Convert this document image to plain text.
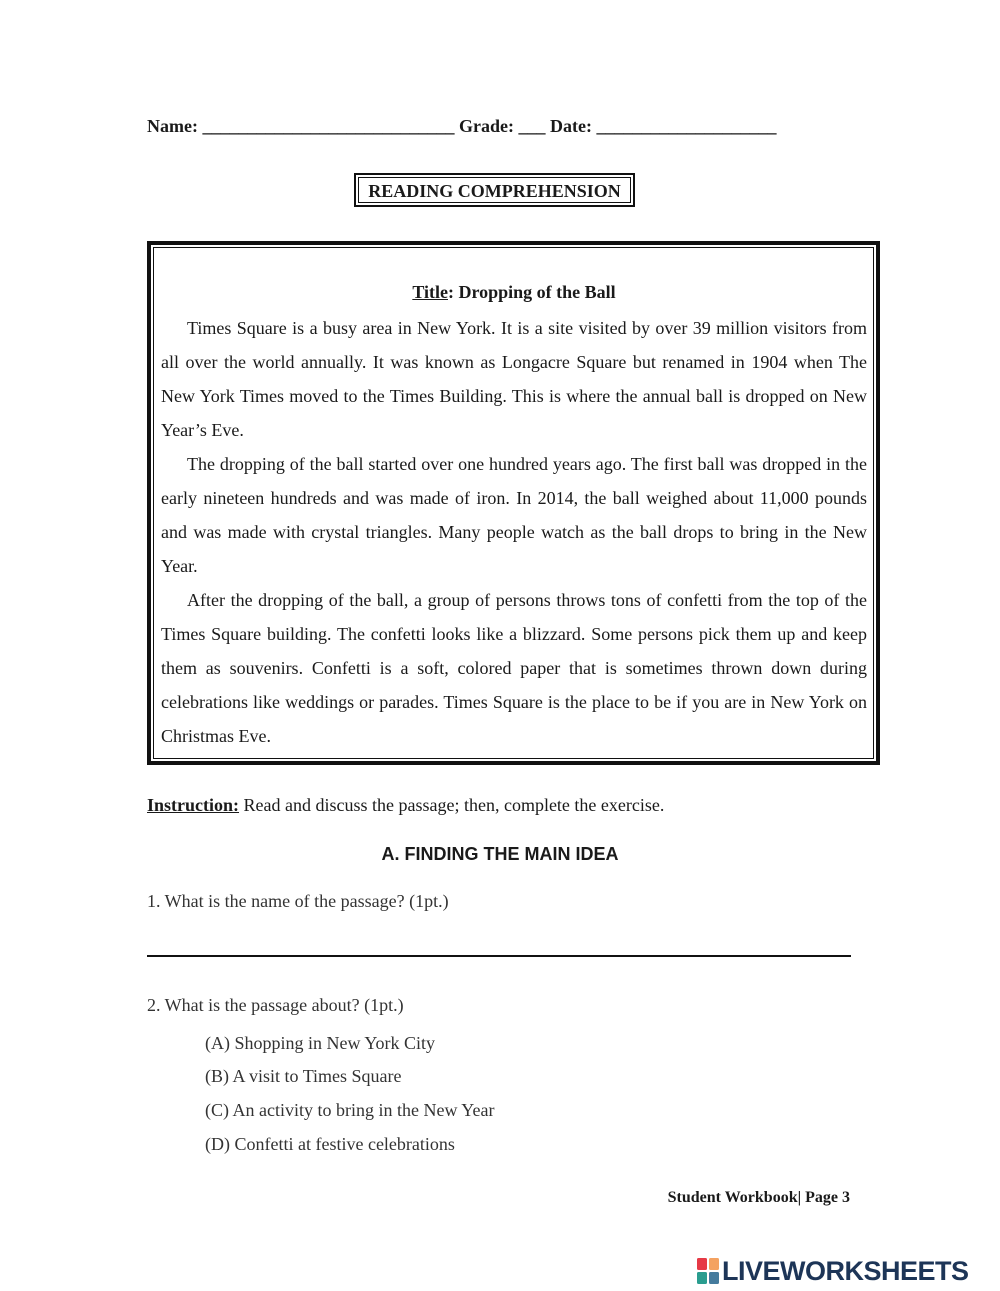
Name: ____________________________ Grade: ___ Date: ____________________
READING COMPREHENSION

Title: Dropping of the Ball

Times Square is a busy area in New York. It is a site visited by over 39 million visitors from all over the world annually. It was known as Longacre Square but renamed in 1904 when The New York Times moved to the Times Building. This is where the annual ball is dropped on New Year’s Eve.

The dropping of the ball started over one hundred years ago. The first ball was dropped in the early nineteen hundreds and was made of iron. In 2014, the ball weighed about 11,000 pounds and was made with crystal triangles. Many people watch as the ball drops to bring in the New Year.

After the dropping of the ball, a group of persons throws tons of confetti from the top of the Times Square building. The confetti looks like a blizzard. Some persons pick them up and keep them as souvenirs. Confetti is a soft, colored paper that is sometimes thrown down during celebrations like weddings or parades. Times Square is the place to be if you are in New York on Christmas Eve.

Instruction: Read and discuss the passage; then, complete the exercise.
A. FINDING THE MAIN IDEA
1. What is the name of the passage? (1pt.)
2. What is the passage about? (1pt.)
(A) Shopping in New York City
(B) A visit to Times Square
(C) An activity to bring in the New Year
(D) Confetti at festive celebrations
Student Workbook| Page 3
LIVEWORKSHEETS
